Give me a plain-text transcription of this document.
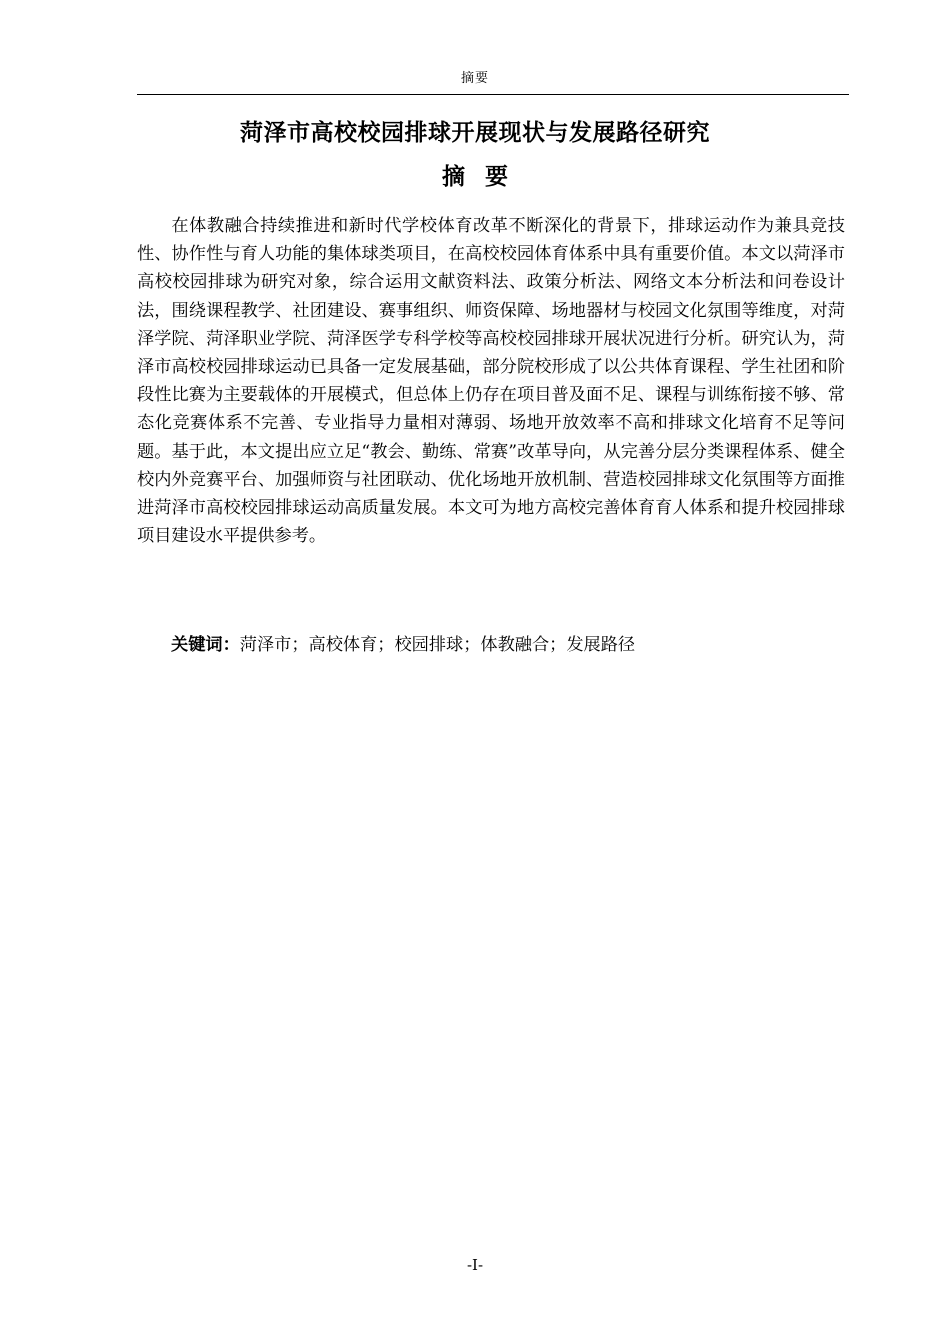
摘要
菏泽市高校校园排球开展现状与发展路径研究
摘要

在体教融合持续推进和新时代学校体育改革不断深化的背景下，排球运动作为兼具竞技性、协作性与育人功能的集体球类项目，在高校校园体育体系中具有重要价值。本文以菏泽市高校校园排球为研究对象，综合运用文献资料法、政策分析法、网络文本分析法和问卷设计法，围绕课程教学、社团建设、赛事组织、师资保障、场地器材与校园文化氛围等维度，对菏泽学院、菏泽职业学院、菏泽医学专科学校等高校校园排球开展状况进行分析。研究认为，菏泽市高校校园排球运动已具备一定发展基础，部分院校形成了以公共体育课程、学生社团和阶段性比赛为主要载体的开展模式，但总体上仍存在项目普及面不足、课程与训练衔接不够、常态化竞赛体系不完善、专业指导力量相对薄弱、场地开放效率不高和排球文化培育不足等问题。基于此，本文提出应立足“教会、勤练、常赛”改革导向，从完善分层分类课程体系、健全校内外竞赛平台、加强师资与社团联动、优化场地开放机制、营造校园排球文化氛围等方面推进菏泽市高校校园排球运动高质量发展。本文可为地方高校完善体育育人体系和提升校园排球项目建设水平提供参考。

关键词：菏泽市；高校体育；校园排球；体教融合；发展路径
-I-
